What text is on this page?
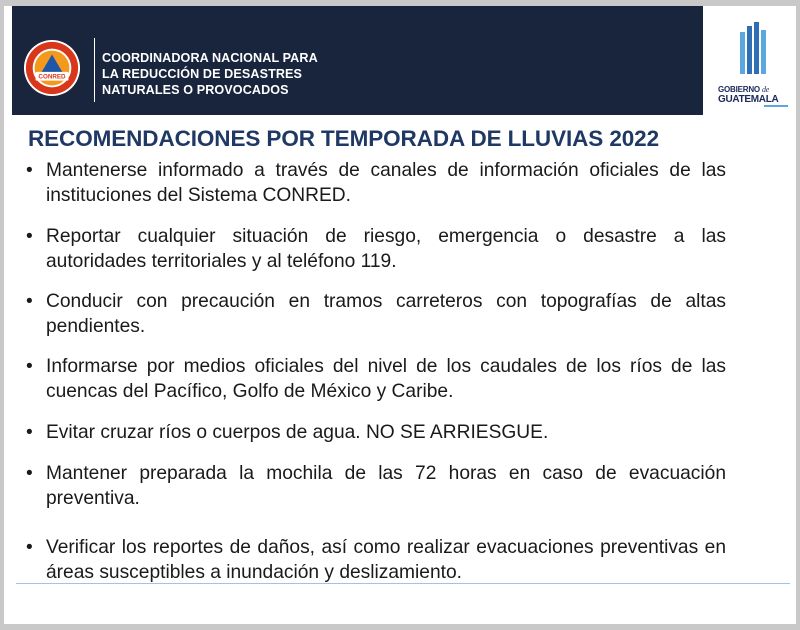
CONRED
COORDINADORA NACIONAL PARA
LA REDUCCIÓN DE DESASTRES
NATURALES O PROVOCADOS	GOBIERNO de
GUATEMALA
RECOMENDACIONES POR TEMPORADA DE LLUVIAS 2022
• Mantenerse informado a través de canales de información oficiales de las instituciones del Sistema CONRED.
• Reportar cualquier situación de riesgo, emergencia o desastre a las autoridades territoriales y al teléfono 119.
• Conducir con precaución en tramos carreteros con topografías de altas pendientes.
• Informarse por medios oficiales del nivel de los caudales de los ríos de las cuencas del Pacífico, Golfo de México y Caribe.
• Evitar cruzar ríos o cuerpos de agua. NO SE ARRIESGUE.
• Mantener preparada la mochila de las 72 horas en caso de evacuación preventiva.
• Verificar los reportes de daños, así como realizar evacuaciones preventivas en áreas susceptibles a inundación y deslizamiento.
